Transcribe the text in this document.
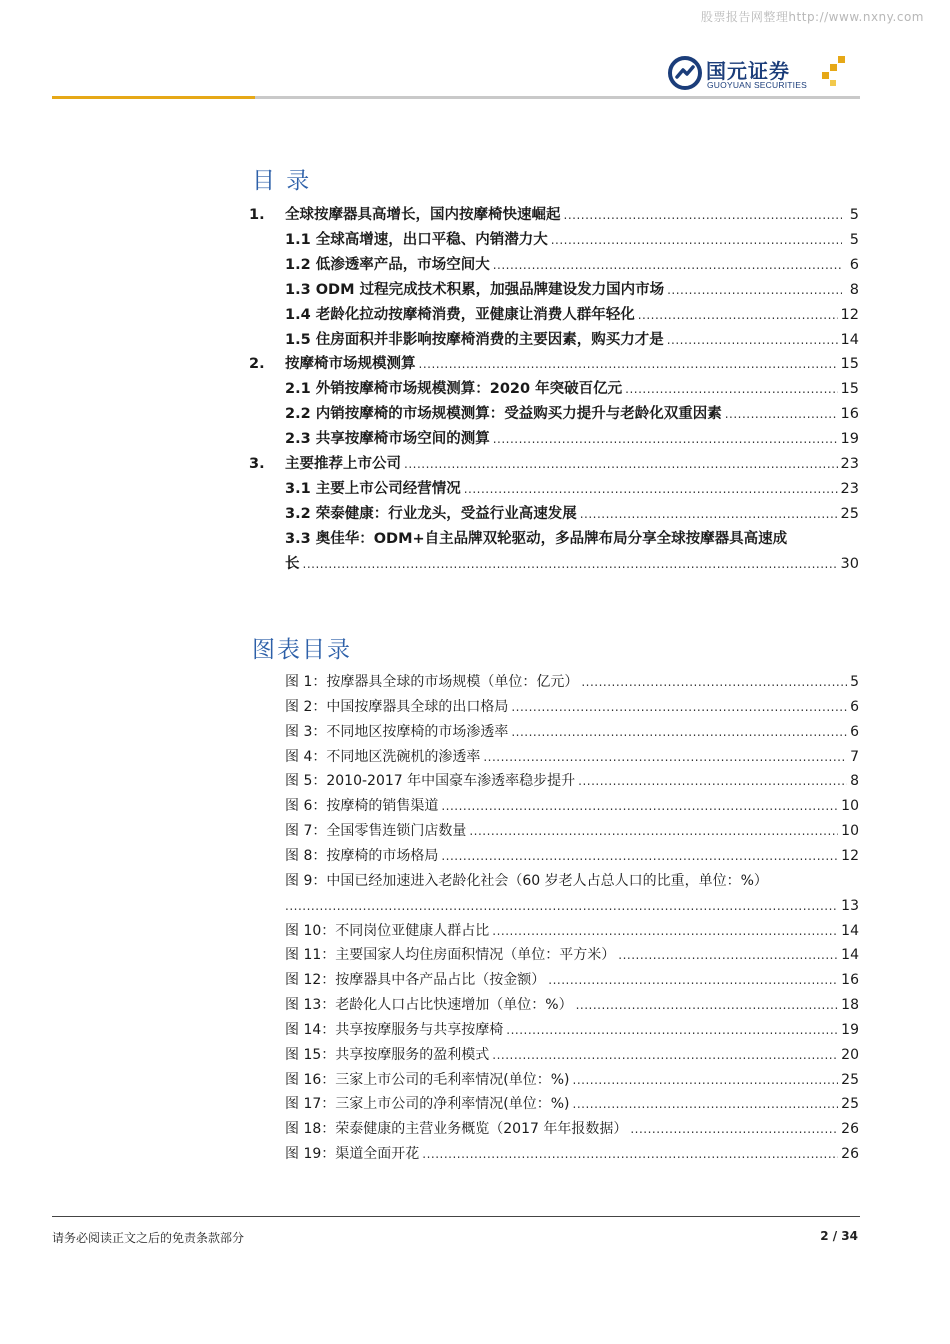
股票报告网整理http://www.nxny.com
国元证券
GUOYUAN SECURITIES
目 录
1.	全球按摩器具高增长，国内按摩椅快速崛起 .....	5
1.1 全球高增速，出口平稳、内销潜力大 .....	5
1.2 低渗透率产品，市场空间大 .....	6
1.3 ODM 过程完成技术积累，加强品牌建设发力国内市场 .....	8
1.4 老龄化拉动按摩椅消费，亚健康让消费人群年轻化 .....	12
1.5 住房面积并非影响按摩椅消费的主要因素，购买力才是 .....	14
2.	按摩椅市场规模测算 .....	15
2.1 外销按摩椅市场规模测算：2020 年突破百亿元 .....	15
2.2 内销按摩椅的市场规模测算：受益购买力提升与老龄化双重因素 .....	16
2.3 共享按摩椅市场空间的测算 .....	19
3.	主要推荐上市公司 .....	23
3.1 主要上市公司经营情况 .....	23
3.2 荣泰健康：行业龙头，受益行业高速发展 .....	25
3.3 奥佳华：ODM+自主品牌双轮驱动，多品牌布局分享全球按摩器具高速成
长 .....	30
图表目录
图 1：按摩器具全球的市场规模（单位：亿元） .....	5
图 2：中国按摩器具全球的出口格局 .....	6
图 3：不同地区按摩椅的市场渗透率 .....	6
图 4：不同地区洗碗机的渗透率 .....	7
图 5：2010-2017 年中国豪车渗透率稳步提升 .....	8
图 6：按摩椅的销售渠道 .....	10
图 7：全国零售连锁门店数量 .....	10
图 8：按摩椅的市场格局 .....	12
图 9：中国已经加速进入老龄化社会（60 岁老人占总人口的比重，单位：%）
.....
13
图 10：不同岗位亚健康人群占比 .....	14
图 11：主要国家人均住房面积情况（单位：平方米） .....	14
图 12：按摩器具中各产品占比（按金额） .....	16
图 13：老龄化人口占比快速增加（单位：%） .....	18
图 14：共享按摩服务与共享按摩椅 .....	19
图 15：共享按摩服务的盈利模式 .....	20
图 16：三家上市公司的毛利率情况(单位：%) .....	25
图 17：三家上市公司的净利率情况(单位：%) .....	25
图 18：荣泰健康的主营业务概览（2017 年年报数据） .....	26
图 19：渠道全面开花 .....	26
请务必阅读正文之后的免责条款部分	2 / 34
